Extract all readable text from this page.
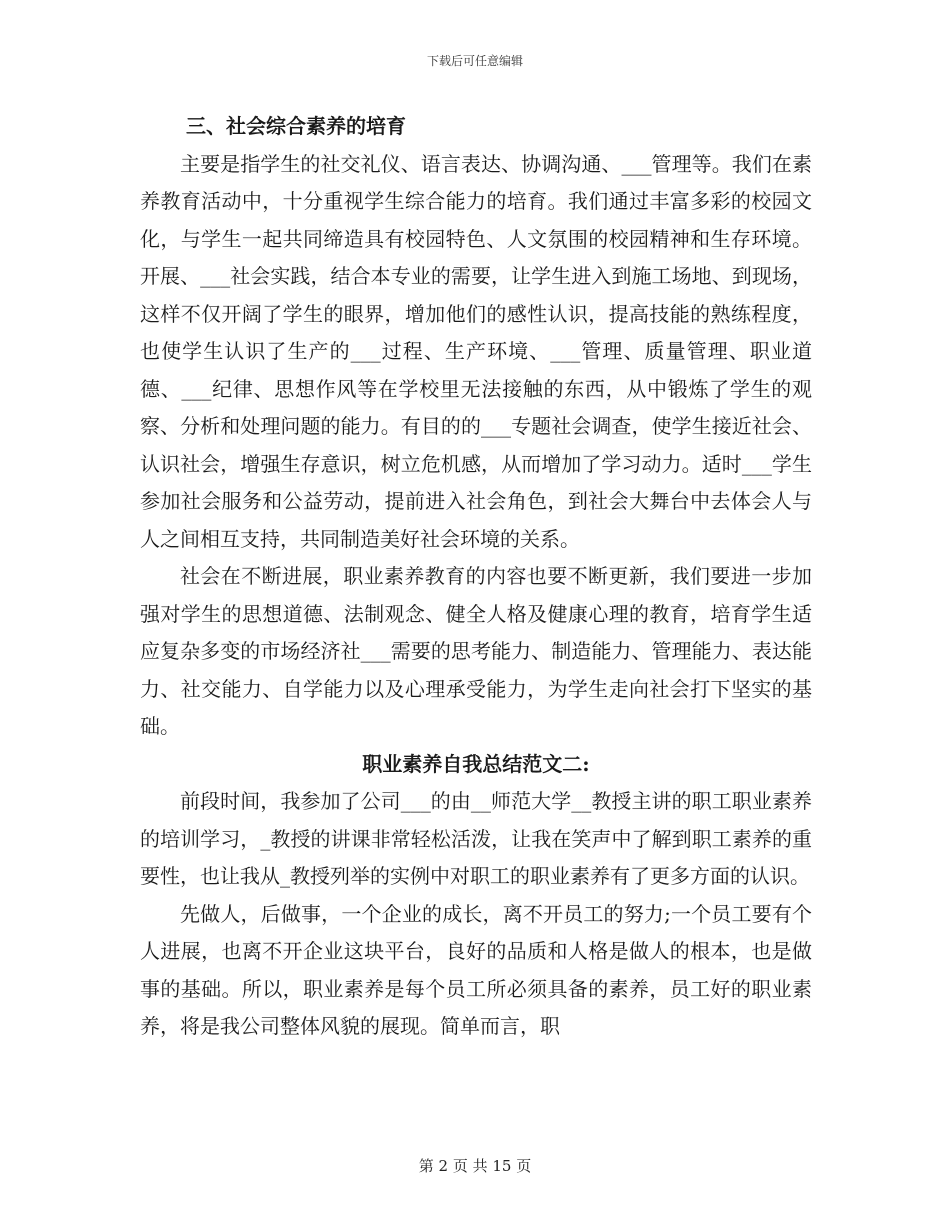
下载后可任意编辑

三、社会综合素养的培育

主要是指学生的社交礼仪、语言表达、协调沟通、___管理等。我们在素养教育活动中，十分重视学生综合能力的培育。我们通过丰富多彩的校园文化，与学生一起共同缔造具有校园特色、人文氛围的校园精神和生存环境。开展、___社会实践，结合本专业的需要，让学生进入到施工场地、到现场，这样不仅开阔了学生的眼界，增加他们的感性认识，提高技能的熟练程度，也使学生认识了生产的___过程、生产环境、___管理、质量管理、职业道德、___纪律、思想作风等在学校里无法接触的东西，从中锻炼了学生的观察、分析和处理问题的能力。有目的的___专题社会调查，使学生接近社会、认识社会，增强生存意识，树立危机感，从而增加了学习动力。适时___学生参加社会服务和公益劳动，提前进入社会角色，到社会大舞台中去体会人与人之间相互支持，共同制造美好社会环境的关系。

社会在不断进展，职业素养教育的内容也要不断更新，我们要进一步加强对学生的思想道德、法制观念、健全人格及健康心理的教育，培育学生适应复杂多变的市场经济社___需要的思考能力、制造能力、管理能力、表达能力、社交能力、自学能力以及心理承受能力，为学生走向社会打下坚实的基础。

职业素养自我总结范文二:

前段时间，我参加了公司___的由__师范大学__教授主讲的职工职业素养的培训学习，_教授的讲课非常轻松活泼，让我在笑声中了解到职工素养的重要性，也让我从_教授列举的实例中对职工的职业素养有了更多方面的认识。

先做人，后做事，一个企业的成长，离不开员工的努力;一个员工要有个人进展，也离不开企业这块平台，良好的品质和人格是做人的根本，也是做事的基础。所以，职业素养是每个员工所必须具备的素养，员工好的职业素养，将是我公司整体风貌的展现。简单而言，职

第 2 页 共 15 页
